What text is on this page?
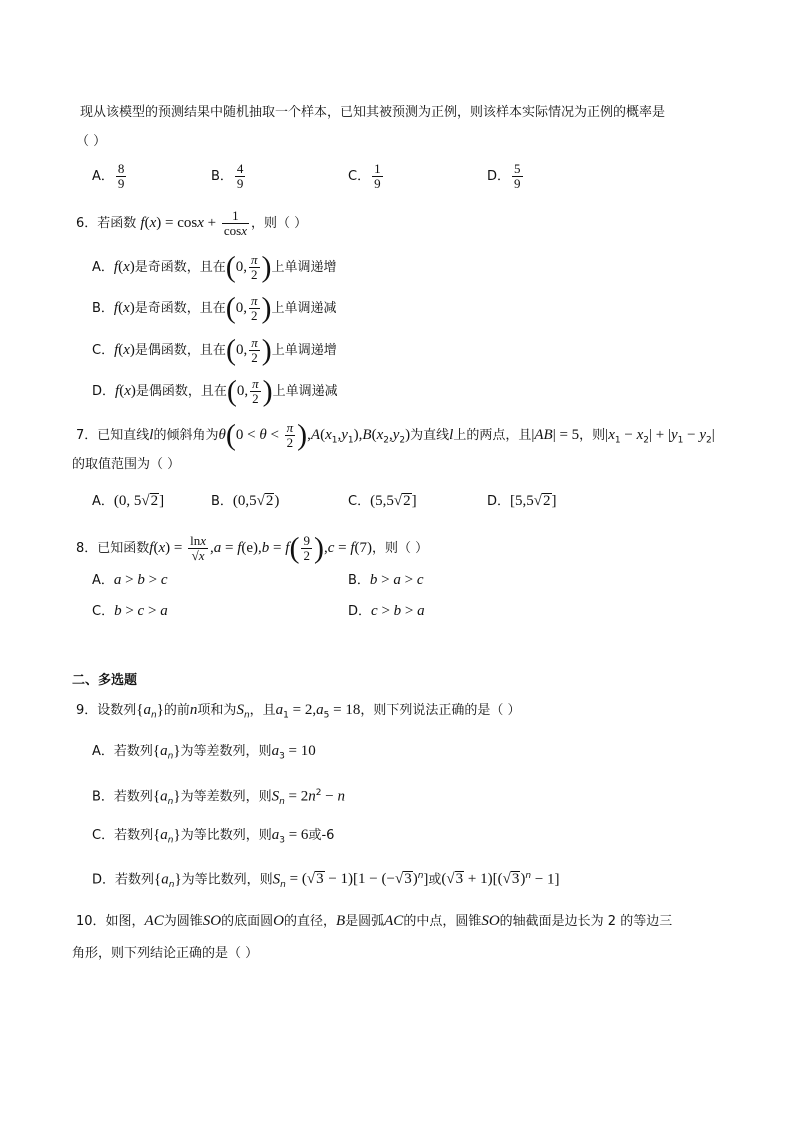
现从该模型的预测结果中随机抽取一个样本，已知其被预测为正例，则该样本实际情况为正例的概率是
（ ）
A． $\frac{8}{9}$	B． $\frac{4}{9}$	C． $\frac{1}{9}$	D． $\frac{5}{9}$
6．若函数 $f(x) = \cos x + \frac{1}{\cos x}$ ，则（ ）
A．f(x)是奇函数，且在(0, $\frac{\pi}{2}$ )上单调递增
B．f(x)是奇函数，且在(0, $\frac{\pi}{2}$ )上单调递减
C．f(x)是偶函数，且在(0, $\frac{\pi}{2}$ )上单调递增
D．f(x)是偶函数，且在(0, $\frac{\pi}{2}$ )上单调递减
7．已知直线l的倾斜角为$\theta(0 < \theta < \frac{\pi}{2} ),A(x_1,y_1),B(x_2,y_2)$为直线l上的两点，且|AB| = 5，则$|x_1 - x_2| + |y_1 - y_2|$
的取值范围为（ ）
A．(0, 5√2]	B．(0,5√2)	C．(5,5√2]	D．[5,5√2]
8．已知函数$f(x) = \frac{\ln x}{√x} ,a = f(e),b = f( \frac{9}{2} ),c = f(7)$，则（ ）
A．a > b > c	B．b > a > c
C．b > c > a	D．c > b > a
二、多选题
9．设数列$\{a_n\}$的前n项和为$S_n$，且$a_1 = 2,a_5 = 18$，则下列说法正确的是（ ）
A．若数列$\{a_n\}$为等差数列，则$a_3 = 10$
B．若数列$\{a_n\}$为等差数列，则$S_n = 2n^2 - n$
C．若数列$\{a_n\}$为等比数列，则$a_3 = 6$或-6
D．若数列$\{a_n\}$为等比数列，则$S_n = (√3 - 1)[1 - (-√3)^n]$或$(√3 + 1)[(√3)^n - 1]$
10．如图，AC为圆锥SO的底面圆O的直径，B是圆弧AC的中点，圆锥SO的轴截面是边长为 2 的等边三
角形，则下列结论正确的是（ ）
